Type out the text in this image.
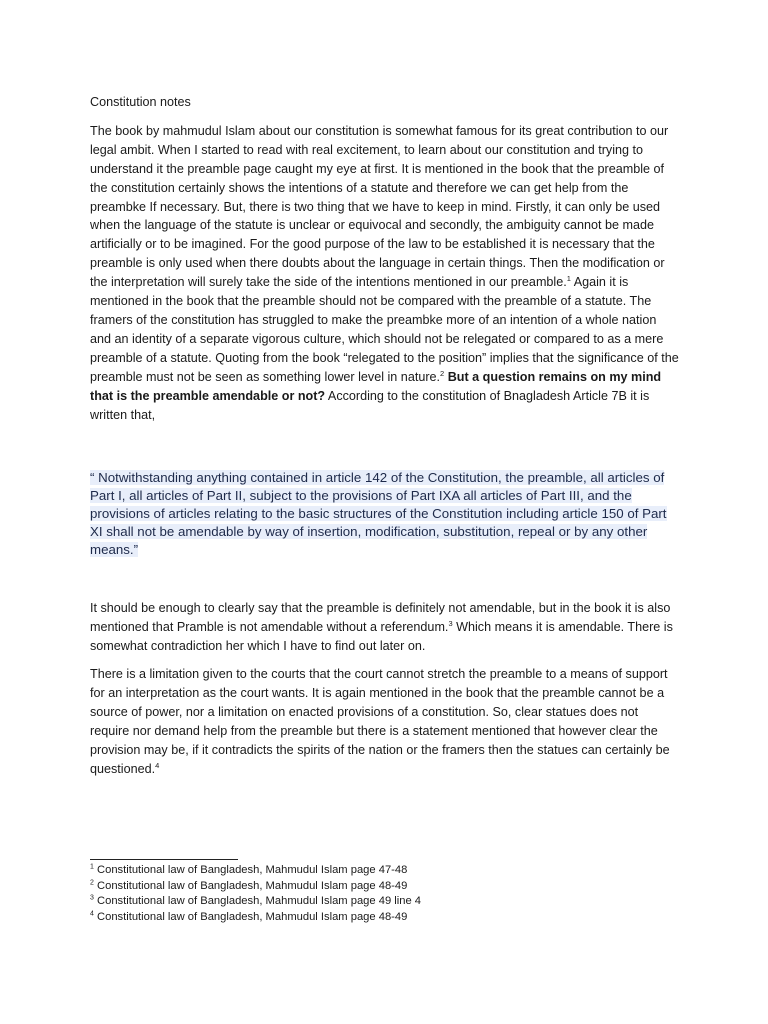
Constitution notes

The book by mahmudul Islam about our constitution is somewhat famous for its great contribution to our legal ambit. When I started to read with real excitement, to learn about our constitution and trying to understand it the preamble page caught my eye at first. It is mentioned in the book that the preamble of the constitution certainly shows the intentions of a statute and therefore we can get help from the preambke If necessary. But, there is two thing that we have to keep in mind. Firstly, it can only be used when the language of the statute is unclear or equivocal and secondly, the ambiguity cannot be made artificially or to be imagined. For the good purpose of the law to be established it is necessary that the preamble is only used when there doubts about the language in certain things. Then the modification or the interpretation will surely take the side of the intentions mentioned in our preamble.$^1$ Again it is mentioned in the book that the preamble should not be compared with the preamble of a statute. The framers of the constitution has struggled to make the preambke more of an intention of a whole nation and an identity of a separate vigorous culture, which should not be relegated or compared to as a mere preamble of a statute. Quoting from the book “relegated to the position” implies that the significance of the preamble must not be seen as something lower level in nature.$^2$ But a question remains on my mind that is the preamble amendable or not? According to the constitution of Bnagladesh Article 7B it is written that,

“ Notwithstanding anything contained in article 142 of the Constitution, the preamble, all articles of Part I, all articles of Part II, subject to the provisions of Part IXA all articles of Part III, and the provisions of articles relating to the basic structures of the Constitution including article 150 of Part XI shall not be amendable by way of insertion, modification, substitution, repeal or by any other means.”

It should be enough to clearly say that the preamble is definitely not amendable, but in the book it is also mentioned that Pramble is not amendable without a referendum.$^3$ Which means it is amendable. There is somewhat contradiction her which I have to find out later on.

There is a limitation given to the courts that the court cannot stretch the preamble to a means of support for an interpretation as the court wants. It is again mentioned in the book that the preamble cannot be a source of power, nor a limitation on enacted provisions of a constitution. So, clear statues does not require nor demand help from the preamble but there is a statement mentioned that however clear the provision may be, if it contradicts the spirits of the nation or the framers then the statues can certainly be questioned.$^4$

$^1$ Constitutional law of Bangladesh, Mahmudul Islam page 47-48
$^2$ Constitutional law of Bangladesh, Mahmudul Islam page 48-49
$^3$ Constitutional law of Bangladesh, Mahmudul Islam page 49 line 4
$^4$ Constitutional law of Bangladesh, Mahmudul Islam page 48-49
